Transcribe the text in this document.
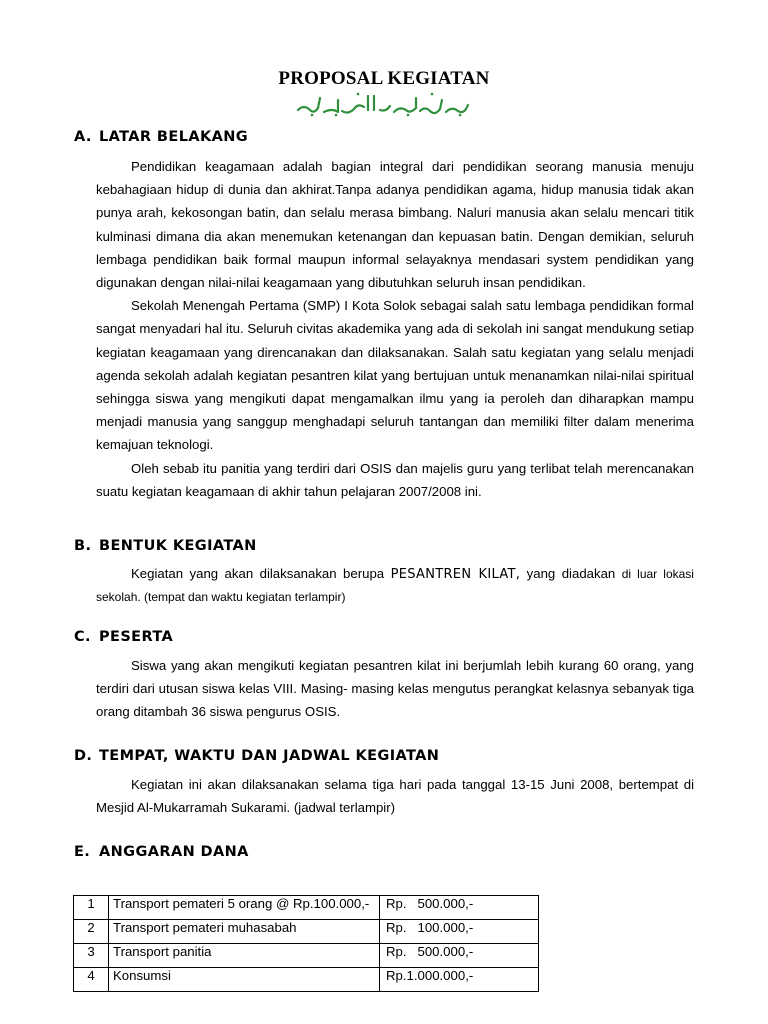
PROPOSAL KEGIATAN
A. LATAR BELAKANG

Pendidikan keagamaan adalah bagian integral dari pendidikan seorang manusia menuju kebahagiaan hidup di dunia dan akhirat.Tanpa adanya pendidikan agama, hidup manusia tidak akan punya arah, kekosongan batin, dan selalu merasa bimbang. Naluri manusia akan selalu mencari titik kulminasi dimana dia akan menemukan ketenangan dan kepuasan batin. Dengan demikian, seluruh lembaga pendidikan baik formal maupun informal selayaknya mendasari system pendidikan yang digunakan dengan nilai-nilai keagamaan yang dibutuhkan seluruh insan pendidikan.

Sekolah Menengah Pertama (SMP) I Kota Solok sebagai salah satu lembaga pendidikan formal sangat menyadari hal itu. Seluruh civitas akademika yang ada di sekolah ini sangat mendukung setiap kegiatan keagamaan yang direncanakan dan dilaksanakan. Salah satu kegiatan yang selalu menjadi agenda sekolah adalah kegiatan pesantren kilat yang bertujuan untuk menanamkan nilai-nilai spiritual sehingga siswa yang mengikuti dapat mengamalkan ilmu yang ia peroleh dan diharapkan mampu menjadi manusia yang sanggup menghadapi seluruh tantangan dan memiliki filter dalam menerima kemajuan teknologi.

Oleh sebab itu panitia yang terdiri dari OSIS dan majelis guru yang terlibat telah merencanakan suatu kegiatan keagamaan di akhir tahun pelajaran 2007/2008 ini.

B. BENTUK KEGIATAN

Kegiatan yang akan dilaksanakan berupa PESANTREN KILAT, yang diadakan di luar lokasi sekolah. (tempat dan waktu kegiatan terlampir)

C. PESERTA

Siswa yang akan mengikuti kegiatan pesantren kilat ini berjumlah lebih kurang 60 orang, yang terdiri dari utusan siswa kelas VIII. Masing- masing kelas mengutus perangkat kelasnya sebanyak tiga orang ditambah 36 siswa pengurus OSIS.

D. TEMPAT, WAKTU DAN JADWAL KEGIATAN

Kegiatan ini akan dilaksanakan selama tiga hari pada tanggal 13-15 Juni 2008, bertempat di Mesjid Al-Mukarramah Sukarami. (jadwal terlampir)

E. ANGGARAN DANA
1	Transport pemateri 5 orang @ Rp.100.000,-	Rp.   500.000,-
2	Transport pemateri muhasabah	Rp.   100.000,-
3	Transport panitia	Rp.   500.000,-
4	Konsumsi	Rp.1.000.000,-
